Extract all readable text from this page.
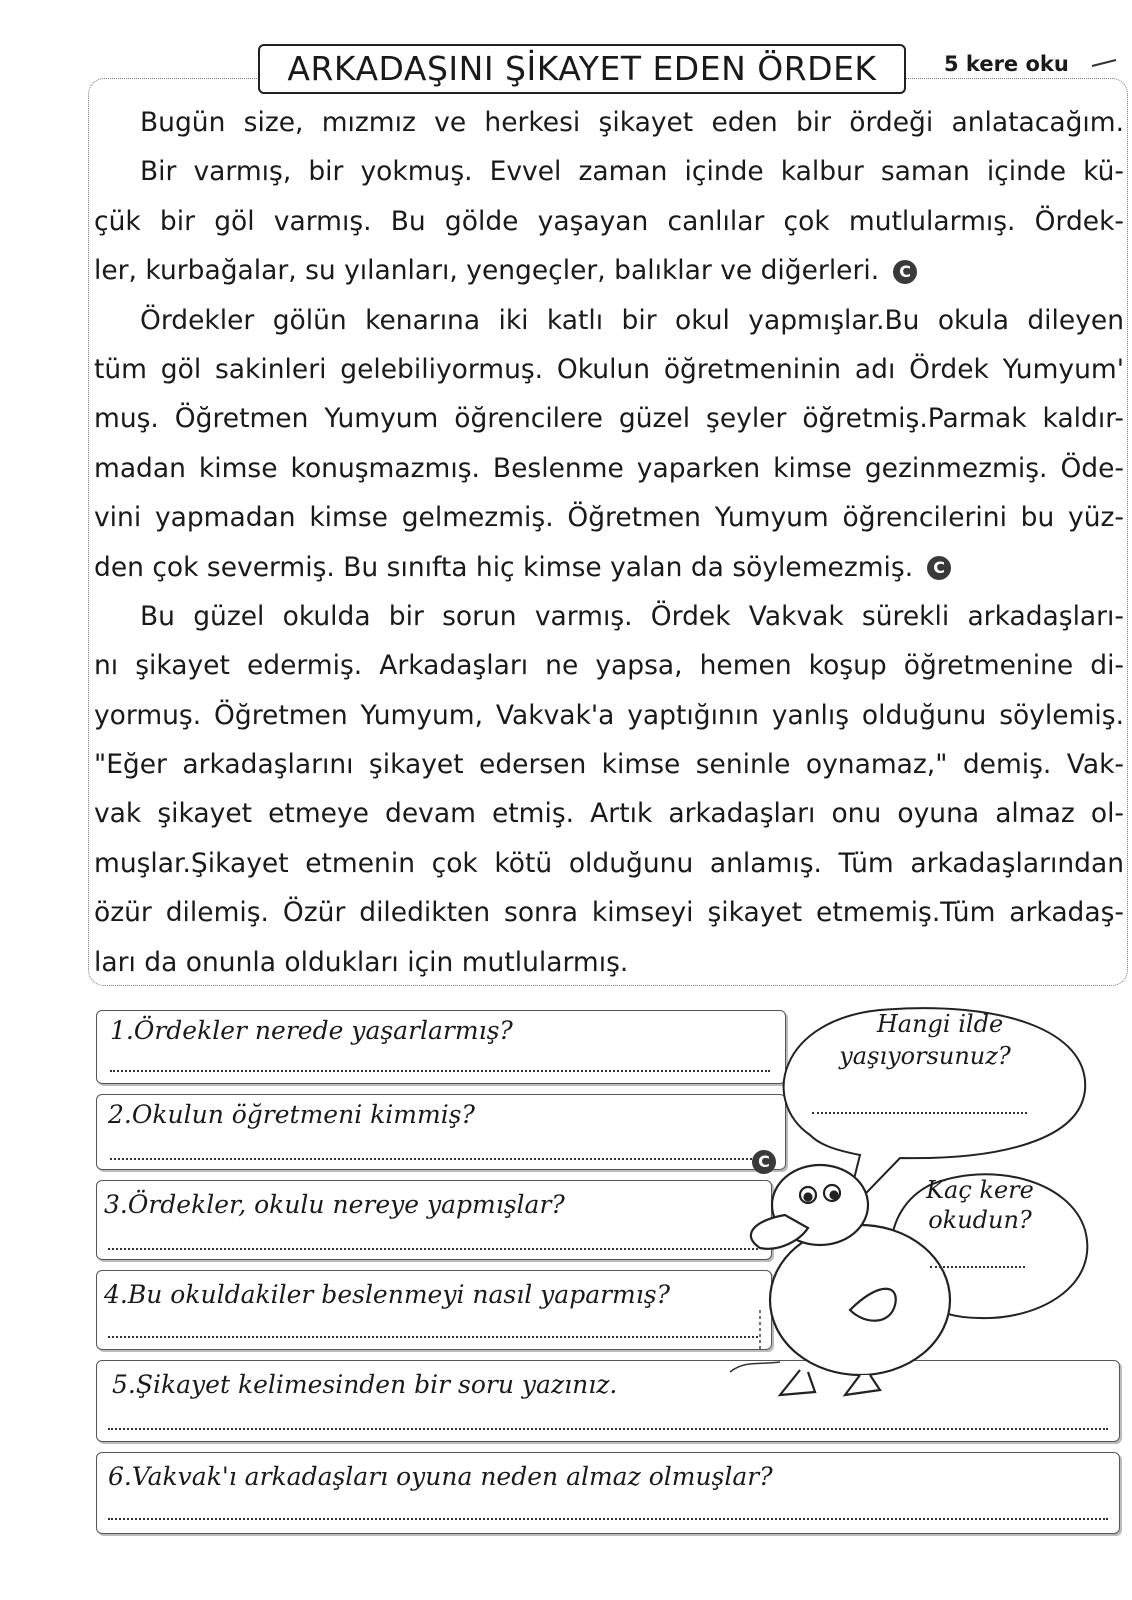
ARKADAŞINI ŞİKAYET EDEN ÖRDEK	5 kere oku
Bugün size, mızmız ve herkesi şikayet eden bir ördeği anlatacağım.
Bir varmış, bir yokmuş. Evvel zaman içinde kalbur saman içinde kü-
çük bir göl varmış. Bu gölde yaşayan canlılar çok mutlularmış. Ördek-
ler, kurbağalar, su yılanları, yengeçler, balıklar ve diğerleri. C
Ördekler gölün kenarına iki katlı bir okul yapmışlar.Bu okula dileyen
tüm göl sakinleri gelebiliyormuş. Okulun öğretmeninin adı Ördek Yumyum'
muş. Öğretmen Yumyum öğrencilere güzel şeyler öğretmiş.Parmak kaldır-
madan kimse konuşmazmış. Beslenme yaparken kimse gezinmezmiş. Öde-
vini yapmadan kimse gelmezmiş. Öğretmen Yumyum öğrencilerini bu yüz-
den çok severmiş. Bu sınıfta hiç kimse yalan da söylemezmiş. C
Bu güzel okulda bir sorun varmış. Ördek Vakvak sürekli arkadaşları-
nı şikayet edermiş. Arkadaşları ne yapsa, hemen koşup öğretmenine di-
yormuş. Öğretmen Yumyum, Vakvak'a yaptığının yanlış olduğunu söylemiş.
"Eğer arkadaşlarını şikayet edersen kimse seninle oynamaz," demiş. Vak-
vak şikayet etmeye devam etmiş. Artık arkadaşları onu oyuna almaz ol-
muşlar.Şikayet etmenin çok kötü olduğunu anlamış. Tüm arkadaşlarından
özür dilemiş. Özür diledikten sonra kimseyi şikayet etmemiş.Tüm arkadaş-
ları da onunla oldukları için mutlularmış.
1.Ördekler nerede yaşarlarmış?
2.Okulun öğretmeni kimmiş?
C
3.Ördekler, okulu nereye yapmışlar?
4.Bu okuldakiler beslenmeyi nasıl yaparmış?
5.Şikayet kelimesinden bir soru yazınız.
6.Vakvak'ı arkadaşları oyuna neden almaz olmuşlar?
Hangi ilde
yaşıyorsunuz?
Kaç kere
okudun?
